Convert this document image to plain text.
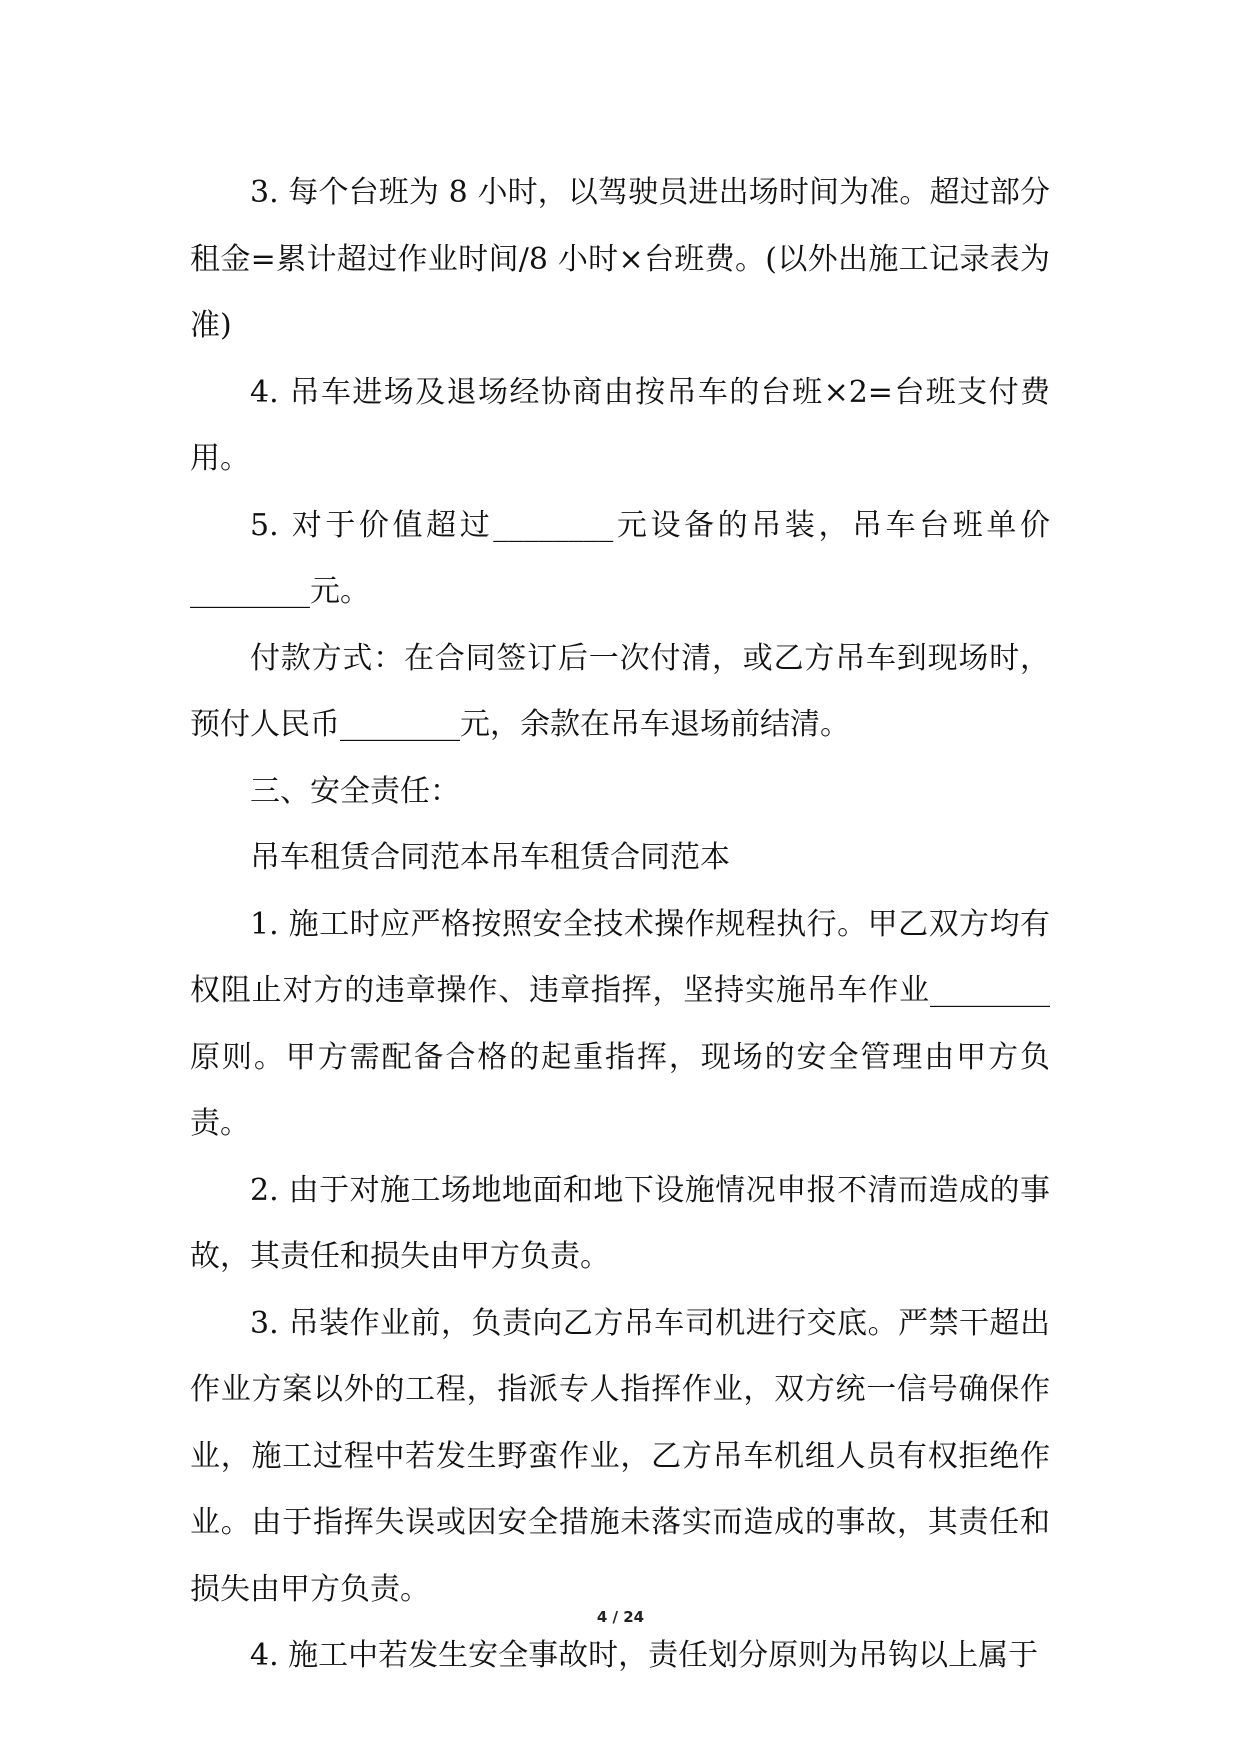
3. 每个台班为 8 小时，以驾驶员进出场时间为准。超过部分租金=累计超过作业时间/8 小时×台班费。(以外出施工记录表为准)

4. 吊车进场及退场经协商由按吊车的台班×2=台班支付费用。

5. 对于价值超过________元设备的吊装，吊车台班单价________元。

付款方式：在合同签订后一次付清，或乙方吊车到现场时，预付人民币________元，余款在吊车退场前结清。

三、安全责任：

吊车租赁合同范本吊车租赁合同范本

1. 施工时应严格按照安全技术操作规程执行。甲乙双方均有权阻止对方的违章操作、违章指挥，坚持实施吊车作业________原则。甲方需配备合格的起重指挥，现场的安全管理由甲方负责。

2. 由于对施工场地地面和地下设施情况申报不清而造成的事故，其责任和损失由甲方负责。

3. 吊装作业前，负责向乙方吊车司机进行交底。严禁干超出作业方案以外的工程，指派专人指挥作业，双方统一信号确保作业，施工过程中若发生野蛮作业，乙方吊车机组人员有权拒绝作业。由于指挥失误或因安全措施未落实而造成的事故，其责任和损失由甲方负责。

4. 施工中若发生安全事故时，责任划分原则为吊钩以上属于

4 / 24
